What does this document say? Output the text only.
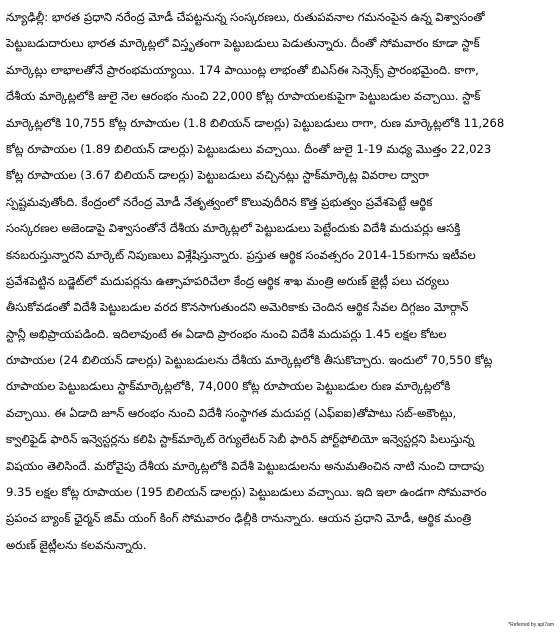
న్యూఢిల్లీ: భారత ప్రధాని నరేంద్ర మోడీ చేపట్టనున్న సంస్కరణలు, రుతుపవనాల గమనంపైన ఉన్న విశ్వాసంతో
పెట్టుబడుదారులు భారత మార్కెట్లలో విస్తృతంగా పెట్టుబడులు పెడుతున్నారు. దీంతో సోమవారం కూడా స్టాక్
మార్కెట్లు లాభాలతోనే ప్రారంభమయ్యాయి. 174 పాయింట్ల లాభంతో బిఎస్ఈ సెన్సెక్స్ ప్రారంభమైంది. కాగా,
దేశీయ మార్కెట్లలోకి జులై నెల ఆరంభం నుంచి 22,000 కోట్ల రూపాయలకుపైగా పెట్టుబడుల వచ్చాయి. స్టాక్
మార్కెట్లలోకి 10,755 కోట్ల రూపాయల (1.8 బిలియన్ డాలర్లు) పెట్టుబడులు రాగా, రుణ మార్కెట్లలోకి 11,268
కోట్ల రూపాయల (1.89 బిలియన్ డాలర్లు) పెట్టుబడులు వచ్చాయి. దీంతో జులై 1-19 మధ్య మొత్తం 22,023
కోట్ల రూపాయల (3.67 బిలియన్ డాలర్లు) పెట్టుబడులు వచ్చినట్లు స్టాక్‌మార్కెట్ల వివరాల ద్వారా
స్పష్టమవుతోంది. కేంద్రంలో నరేంద్ర మోడీ నేతృత్వంలో కొలువుదీరిన కొత్త ప్రభుత్వం ప్రవేశపెట్టే ఆర్థిక
సంస్కరణల అజెండాపై విశ్వాసంతోనే దేశీయ మార్కెట్లలో పెట్టుబడులు పెట్టేందుకు విదేశీ మదుపర్లు ఆసక్తి
కనబరుస్తున్నారని మార్కెట్ నిపుణులు విశ్లేషిస్తున్నారు. ప్రస్తుత ఆర్థిక సంవత్సరం 2014-15కుగాను ఇటీవల
ప్రవేశపెట్టిన బడ్జెట్‌లో మదుపర్లను ఉత్సాహపరిచేలా కేంద్ర ఆర్థిక శాఖ మంత్రి అరుణ్ జైట్లీ పలు చర్యలు
తీసుకోవడంతో విదేశీ పెట్టుబడుల వరద కొనసాగుతుందని అమెరికాకు చెందిన ఆర్థిక సేవల దిగ్గజం మోర్గాన్
స్టాన్లీ అభిప్రాయపడింది. ఇదిలావుంటే ఈ ఏడాది ప్రారంభం నుంచి విదేశీ మదుపర్లు 1.45 లక్షల కోటల
రూపాయల (24 బిలియన్ డాలర్లు) పెట్టుబడులను దేశీయ మార్కెట్లలోకి తీసుకొచ్చారు. ఇందులో 70,550 కోట్ల
రూపాయల పెట్టుబడులు స్టాక్‌మార్కెట్లలోకి, 74,000 కోట్ల రూపాయల పెట్టుబడుల రుణ మార్కెట్లలోకి
వచ్చాయి. ఈ ఏడాది జూన్ ఆరంభం నుంచి విదేశీ సంస్థాగత మదుపర్ల (ఎఫ్ఐఐ)తోపాటు సబ్-అకౌంట్లు,
క్వాలిఫైడ్ ఫారిన్ ఇన్వెస్టర్లను కలిపి స్టాక్‌మార్కెట్ రెగ్యులేటర్ సెబీ ఫారిన్ పోర్ట్‌ఫోలియో ఇన్వెస్టర్లని పిలుస్తున్న
విషయం తెలిసిందే. మరోవైపు దేశీయ మార్కెట్లలోకి విదేశీ పెట్టుబడులను అనుమతించిన నాటి నుంచి దాదాపు
9.35 లక్షల కోట్ల రూపాయల (195 బిలియన్ డాలర్లు) పెట్టుబడులు వచ్చాయి. ఇది ఇలా ఉండగా సోమవారం
ప్రపంచ బ్యాంక్ ఛైర్మన్ జిమ్ యంగ్ కింగ్ సోమవారం ఢిల్లీకి రానున్నారు. ఆయన ప్రధాని మోడీ, ఆర్థిక మంత్రి
అరుణ్ జైట్లీలను కలవనున్నారు.
*Referred by api7am
